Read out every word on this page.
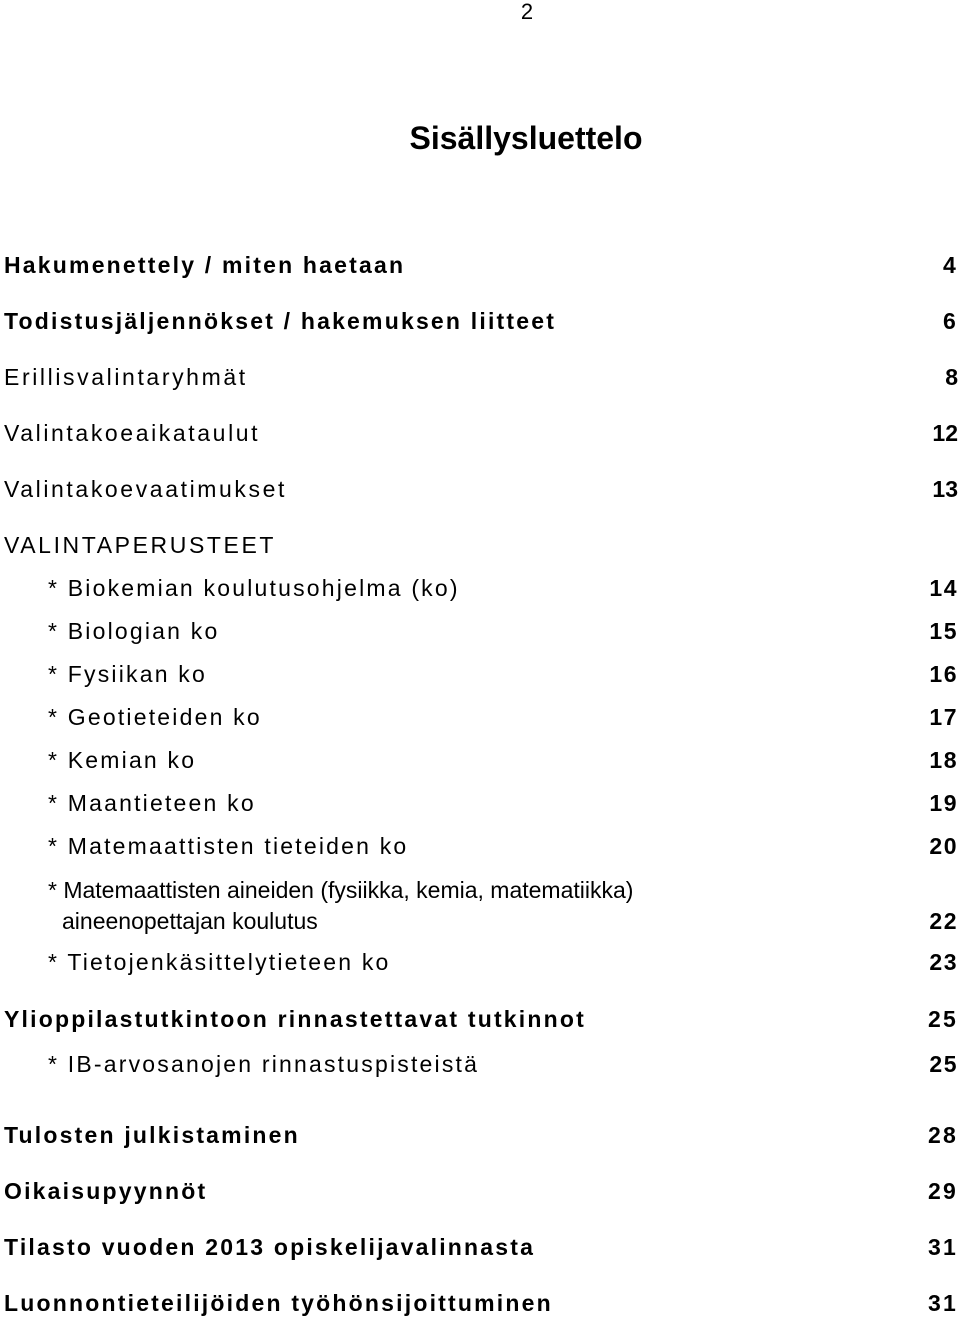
2
Sisällysluettelo
Hakumenettely / miten haetaan	4
Todistusjäljennökset / hakemuksen liitteet	6
Erillisvalintaryhmät	8
Valintakoeaikataulut	12
Valintakoevaatimukset	13
VALINTAPERUSTEET
* Biokemian koulutusohjelma (ko)	14
* Biologian ko	15
* Fysiikan ko	16
* Geotieteiden ko	17
* Kemian ko	18
* Maantieteen ko	19
* Matemaattisten tieteiden ko	20
* Matemaattisten aineiden (fysiikka, kemia, matematiikka)
aineenopettajan koulutus	22
* Tietojenkäsittelytieteen ko	23
Ylioppilastutkintoon rinnastettavat tutkinnot	25
* IB-arvosanojen rinnastuspisteistä	25
Tulosten julkistaminen	28
Oikaisupyynnöt	29
Tilasto vuoden 2013 opiskelijavalinnasta	31
Luonnontieteilijöiden työhönsijoittuminen	31
